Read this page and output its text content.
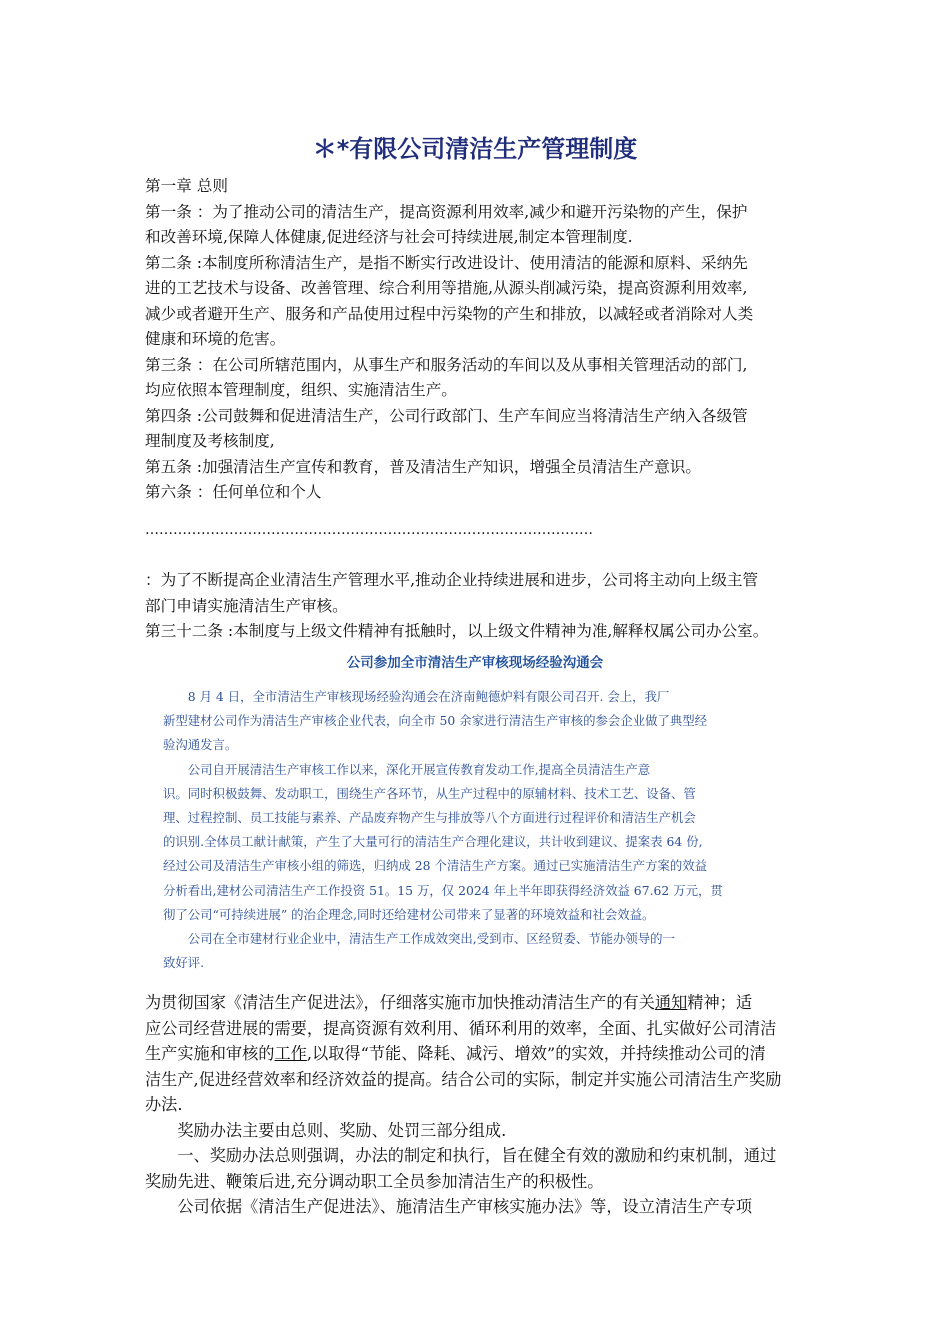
＊*有限公司清洁生产管理制度
第一章 总则
第一条 ：为了推动公司的清洁生产，提高资源利用效率,减少和避开污染物的产生，保护
和改善环境,保障人体健康,促进经济与社会可持续进展,制定本管理制度.
第二条 :本制度所称清洁生产，是指不断实行改进设计、使用清洁的能源和原料、采纳先
进的工艺技术与设备、改善管理、综合利用等措施,从源头削减污染，提高资源利用效率,
减少或者避开生产、服务和产品使用过程中污染物的产生和排放，以减轻或者消除对人类
健康和环境的危害。
第三条 ：在公司所辖范围内，从事生产和服务活动的车间以及从事相关管理活动的部门,
均应依照本管理制度，组织、实施清洁生产。
第四条 :公司鼓舞和促进清洁生产，公司行政部门、生产车间应当将清洁生产纳入各级管
理制度及考核制度,
第五条 :加强清洁生产宣传和教育，普及清洁生产知识，增强全员清洁生产意识。
第六条 ：任何单位和个人
……………………………………………………………………………………
：为了不断提高企业清洁生产管理水平,推动企业持续进展和进步，公司将主动向上级主管
部门申请实施清洁生产审核。
第三十二条 :本制度与上级文件精神有抵触时，以上级文件精神为准,解释权属公司办公室。
公司参加全市清洁生产审核现场经验沟通会
　　8 月 4 日，全市清洁生产审核现场经验沟通会在济南鲍德炉料有限公司召开. 会上，我厂
新型建材公司作为清洁生产审核企业代表，向全市 50 余家进行清洁生产审核的参会企业做了典型经
验沟通发言。
　　公司自开展清洁生产审核工作以来，深化开展宣传教育发动工作,提高全员清洁生产意
识。同时积极鼓舞、发动职工，围绕生产各环节，从生产过程中的原辅材料、技术工艺、设备、管
理、过程控制、员工技能与素养、产品废弃物产生与排放等八个方面进行过程评价和清洁生产机会
的识别.全体员工献计献策，产生了大量可行的清洁生产合理化建议，共计收到建议、提案表 64 份,
经过公司及清洁生产审核小组的筛选，归纳成 28 个清洁生产方案。通过已实施清洁生产方案的效益
分析看出,建材公司清洁生产工作投资 51。15 万，仅 2024 年上半年即获得经济效益 67.62 万元，贯
彻了公司“可持续进展” 的治企理念,同时还给建材公司带来了显著的环境效益和社会效益。
　　公司在全市建材行业企业中，清洁生产工作成效突出,受到市、区经贸委、节能办领导的一
致好评.
为贯彻国家《清洁生产促进法》，仔细落实施市加快推动清洁生产的有关通知精神；适
应公司经营进展的需要，提高资源有效利用、循环利用的效率，全面、扎实做好公司清洁
生产实施和审核的工作,以取得“节能、降耗、减污、增效”的实效，并持续推动公司的清
洁生产,促进经营效率和经济效益的提高。结合公司的实际，制定并实施公司清洁生产奖励
办法.
　　奖励办法主要由总则、奖励、处罚三部分组成.
　　一、奖励办法总则强调，办法的制定和执行，旨在健全有效的激励和约束机制，通过
奖励先进、鞭策后进,充分调动职工全员参加清洁生产的积极性。
　　公司依据《清洁生产促进法》、施清洁生产审核实施办法》等，设立清洁生产专项
